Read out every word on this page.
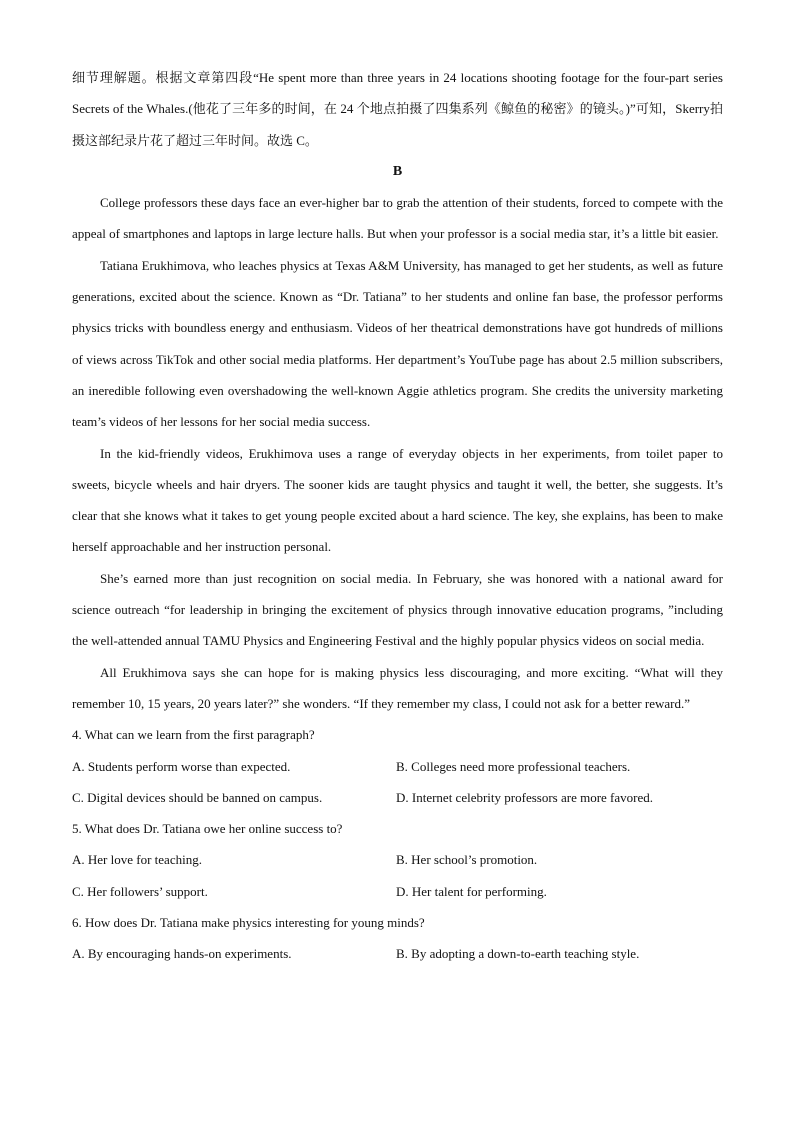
细节理解题。根据文章第四段“He spent more than three years in 24 locations shooting footage for the four-part series Secrets of the Whales.(他花了三年多的时间，在 24 个地点拍摄了四集系列《鲸鱼的秘密》的镜头。)”可知，Skerry拍摄这部纪录片花了超过三年时间。故选 C。

B

College professors these days face an ever-higher bar to grab the attention of their students, forced to compete with the appeal of smartphones and laptops in large lecture halls. But when your professor is a social media star, it’s a little bit easier.

Tatiana Erukhimova, who leaches physics at Texas A&M University, has managed to get her students, as well as future generations, excited about the science. Known as “Dr. Tatiana” to her students and online fan base, the professor performs physics tricks with boundless energy and enthusiasm. Videos of her theatrical demonstrations have got hundreds of millions of views across TikTok and other social media platforms. Her department’s YouTube page has about 2.5 million subscribers, an ineredible following even overshadowing the well-known Aggie athletics program. She credits the university marketing team’s videos of her lessons for her social media success.

In the kid-friendly videos, Erukhimova uses a range of everyday objects in her experiments, from toilet paper to sweets, bicycle wheels and hair dryers. The sooner kids are taught physics and taught it well, the better, she suggests. It’s clear that she knows what it takes to get young people excited about a hard science. The key, she explains, has been to make herself approachable and her instruction personal.

She’s earned more than just recognition on social media. In February, she was honored with a national award for science outreach “for leadership in bringing the excitement of physics through innovative education programs, ”including the well-attended annual TAMU Physics and Engineering Festival and the highly popular physics videos on social media.

All Erukhimova says she can hope for is making physics less discouraging, and more exciting. “What will they remember 10, 15 years, 20 years later?” she wonders. “If they remember my class, I could not ask for a better reward.”

4. What can we learn from the first paragraph?

A. Students perform worse than expected.	B. Colleges need more professional teachers.
C. Digital devices should be banned on campus.	D. Internet celebrity professors are more favored.

5. What does Dr. Tatiana owe her online success to?

A. Her love for teaching.	B. Her school’s promotion.
C. Her followers’ support.	D. Her talent for performing.

6. How does Dr. Tatiana make physics interesting for young minds?

A. By encouraging hands-on experiments.	B. By adopting a down-to-earth teaching style.
